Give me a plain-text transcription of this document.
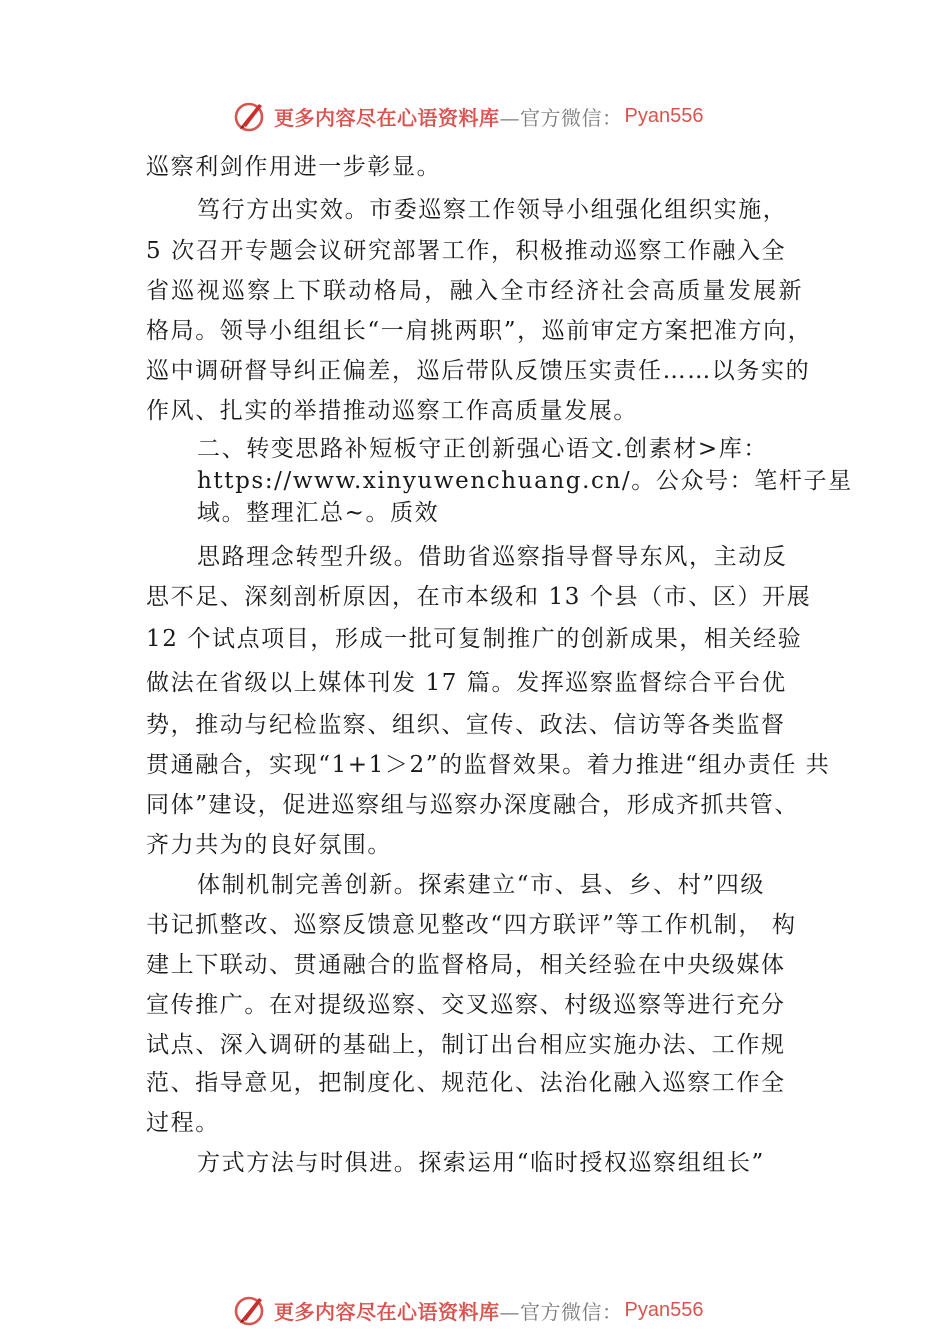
更多内容尽在心语资料库 —官方微信： Pyan556
巡察利剑作用进一步彰显。
笃行方出实效。市委巡察工作领导小组强化组织实施，
5 次召开专题会议研究部署工作，积极推动巡察工作融入全
省巡视巡察上下联动格局，融入全市经济社会高质量发展新
格局。领导小组组长“一肩挑两职”，巡前审定方案把准方向，
巡中调研督导纠正偏差，巡后带队反馈压实责任……以务实的
作风、扎实的举措推动巡察工作高质量发展。
二、转变思路补短板守正创新强心语文.创素材>库：
https://www.xinyuwenchuang.cn/。公众号：笔杆子星
域。整理汇总~。质效
思路理念转型升级。借助省巡察指导督导东风，主动反
思不足、深刻剖析原因，在市本级和 13 个县（市、区）开展
12 个试点项目，形成一批可复制推广的创新成果，相关经验
做法在省级以上媒体刊发 17 篇。发挥巡察监督综合平台优
势，推动与纪检监察、组织、宣传、政法、信访等各类监督
贯通融合，实现“1+1＞2”的监督效果。着力推进“组办责任 共
同体”建设，促进巡察组与巡察办深度融合，形成齐抓共管、
齐力共为的良好氛围。
体制机制完善创新。探索建立“市、县、乡、村”四级
书记抓整改、巡察反馈意见整改“四方联评”等工作机制， 构
建上下联动、贯通融合的监督格局，相关经验在中央级媒体
宣传推广。在对提级巡察、交叉巡察、村级巡察等进行充分
试点、深入调研的基础上，制订出台相应实施办法、工作规
范、指导意见，把制度化、规范化、法治化融入巡察工作全
过程。
方式方法与时俱进。探索运用“临时授权巡察组组长”
更多内容尽在心语资料库 —官方微信： Pyan556
